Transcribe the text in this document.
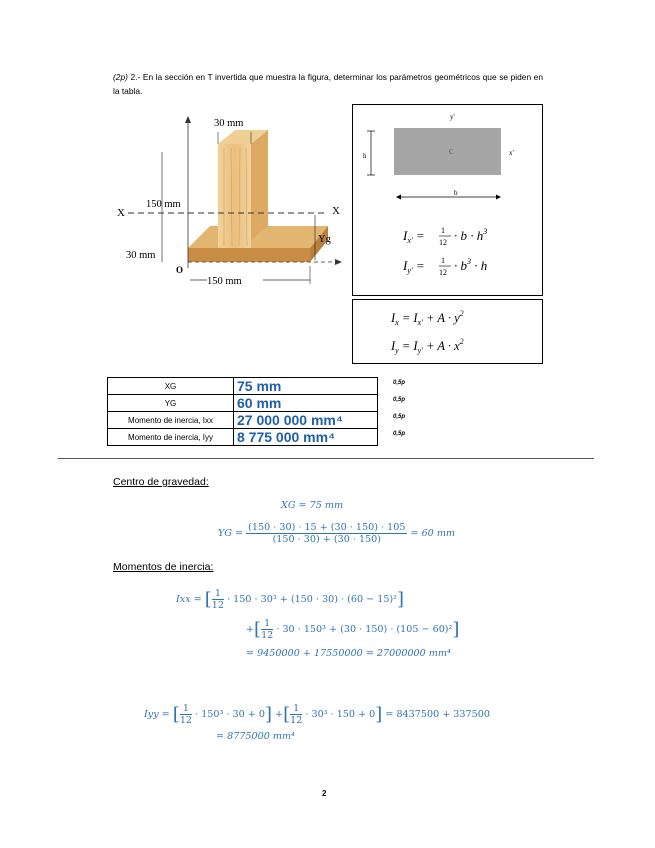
(2p) 2.- En la sección en T invertida que muestra la figura, determinar los parámetros geométricos que se piden en la tabla.
X	X
150 mm
30 mm
30 mm
Yg
O
150 mm
y'
x'
C
h
b
$I_{x'} = 1$
$12 \cdot b \cdot h^3$
$I_{y'} = 1$
$12 \cdot b^3 \cdot h$
$I_x = I_{x'} + A \cdot y^2$
$I_y = I_{y'} + A \cdot x^2$
XG	75 mm
YG	60 mm
Momento de inercia, Ixx	27 000 000 mm⁴
Momento de inercia, Iyy	8 775 000 mm⁴
0,5p
0,5p
0,5p
0,5p
Centro de gravedad:
XG = 75 mm
YG = $\frac{(150 \cdot 30) \cdot 15 + (30 \cdot 150) \cdot 105}{(150 \cdot 30) + (30 \cdot 150)} = 60$ mm
Momentos de inercia:
Ixx = [ $\frac{1}{12} \cdot 150 \cdot 30^3 + (150 \cdot 30) \cdot (60 - 15)^2$]
+[ $\frac{1}{12} \cdot 30 \cdot 150^3 + (30 \cdot 150) \cdot (105 - 60)^2$]
= 9450000 + 17550000 = 27000000 mm⁴
Iyy = [ $\frac{1}{12} \cdot 150^3 \cdot 30 + 0$] +[ $\frac{1}{12} \cdot 30^3 \cdot 150 + 0] = 8437500 + 337500$
= 8775000 mm⁴
2
